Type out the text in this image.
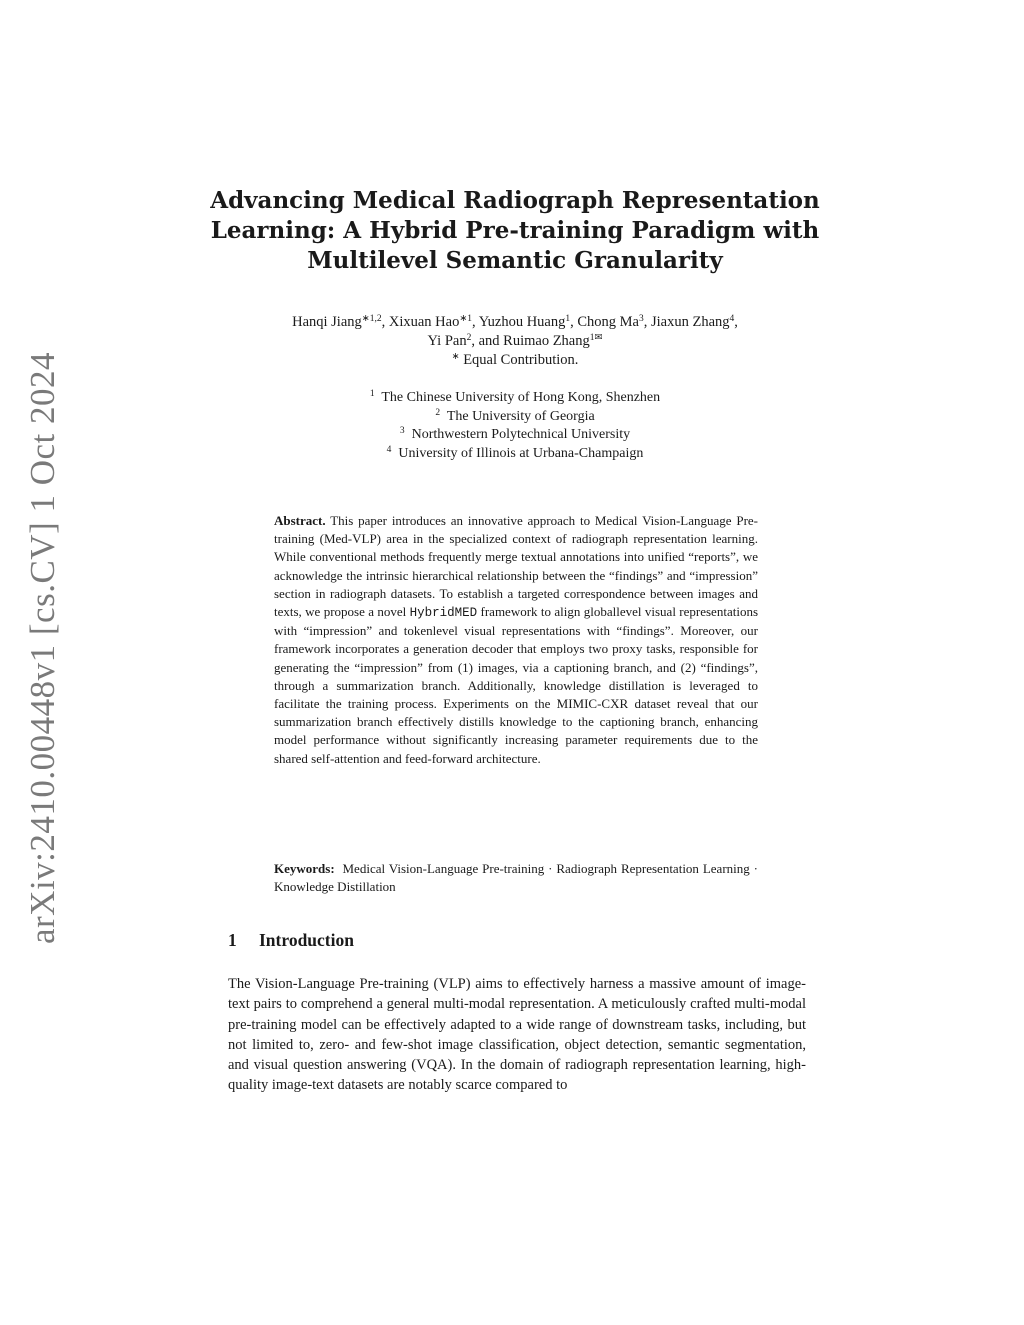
arXiv:2410.00448v1 [cs.CV] 1 Oct 2024
Advancing Medical Radiograph Representation
Learning: A Hybrid Pre-training Paradigm with
Multilevel Semantic Granularity
Hanqi Jiang$^{∗1,2}$, Xixuan Hao$^{∗1}$, Yuzhou Huang$^1$, Chong Ma$^3$, Jiaxun Zhang$^4$,
Yi Pan$^2$, and Ruimao Zhang$^{1✉}$
∗ Equal Contribution.
$^1$ The Chinese University of Hong Kong, Shenzhen
$^2$ The University of Georgia
$^3$ Northwestern Polytechnical University
$^4$ University of Illinois at Urbana-Champaign
Abstract. This paper introduces an innovative approach to Medical Vision-Language Pre-training (Med-VLP) area in the specialized context of radiograph representation learning. While conventional methods frequently merge textual annotations into unified “reports”, we acknowledge the intrinsic hierarchical relationship between the “findings” and “impression” section in radiograph datasets. To establish a targeted correspondence between images and texts, we propose a novel HybridMED framework to align globallevel visual representations with “impression” and tokenlevel visual representations with “findings”. Moreover, our framework incorporates a generation decoder that employs two proxy tasks, responsible for generating the “impression” from (1) images, via a captioning branch, and (2) “findings”, through a summarization branch. Additionally, knowledge distillation is leveraged to facilitate the training process. Experiments on the MIMIC-CXR dataset reveal that our summarization branch effectively distills knowledge to the captioning branch, enhancing model performance without significantly increasing parameter requirements due to the shared self-attention and feed-forward architecture.
Keywords: Medical Vision-Language Pre-training · Radiograph Representation Learning · Knowledge Distillation
1 Introduction
The Vision-Language Pre-training (VLP) aims to effectively harness a massive amount of image-text pairs to comprehend a general multi-modal representation. A meticulously crafted multi-modal pre-training model can be effectively adapted to a wide range of downstream tasks, including, but not limited to, zero- and few-shot image classification, object detection, semantic segmentation, and visual question answering (VQA). In the domain of radiograph representation learning, high-quality image-text datasets are notably scarce compared to
